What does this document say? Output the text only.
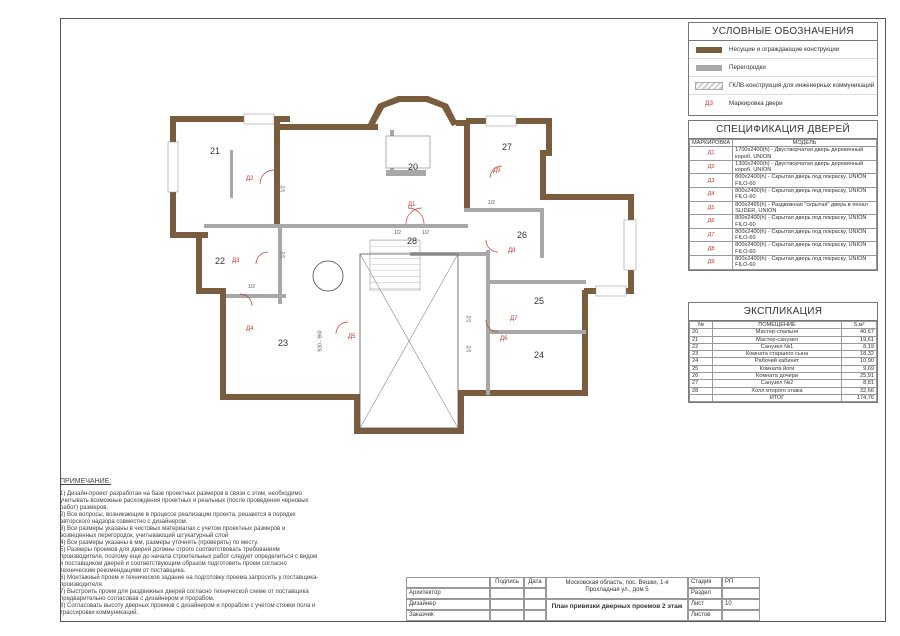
20
21
22
23
24
25
26
27
28
Д1
Д2
Д3
Д4
Д5	Д6
Д7
Д8
Д9
1/2
1/2
1/2
1/2
1/2
1/2
1/2
1/2
930 - 960
УСЛОВНЫЕ ОБОЗНАЧЕНИЯ
Несущие и ограждающие конструкции
Перегородки
ГКЛВ-конструкция для инженерных коммуникаций
Д3	Маркировка двери
СПЕЦИФИКАЦИЯ ДВЕРЕЙ
МАРКИРОВКА	МОДЕЛЬ
Д1	1700x2400(h) - Двустворчатая дверь деревянный короб, UNION
Д2	1300x2400(h) - Двустворчатая дверь деревянный короб, UNION
Д3	800x2400(h) - Скрытая дверь под покраску, UNION FILO-60
Д4	800x2400(h) - Скрытая дверь под покраску, UNION FILO-60
Д5	800x2465(h) - Раздвижная "скрытая" дверь в пенал SLIDER, UNION
Д6	800x2400(h) - Скрытая дверь под покраску, UNION FILO-60
Д7	800x2400(h) - Скрытая дверь под покраску, UNION FILO-60
Д8	800x2400(h) - Скрытая дверь под покраску, UNION FILO-60
Д9	800x2400(h) - Скрытая дверь под покраску, UNION FILO-60
ЭКСПЛИКАЦИЯ
№	ПОМЕЩЕНИЕ	S,м²
20	Мастер-спальня	40,67
21	Мастер-санузел	19,61
22	Санузел №1	8,19
23	Комната старшего сына	18,32
24	Рабочий кабинет	10,90
25	Комната йоги	9,69
26	Комната дочери	25,91
27	Санузел №2	8,81
28	Холл второго этажа	32,66
	ИТОГ	174,76
ПРИМЕЧАНИЕ:
1) Дизайн-проект разработан на базе проектных размеров в связи с этим, необходимо учитывать возможные расхождения проектных и реальных (после проведения черновых работ) размеров.
2) Все вопросы, возникающие в процессе реализации проекта, решаются в порядке авторского надзора совместно с дизайнером.
3) Все размеры указаны в чистовых материалах с учетом проектных размеров и возведенных перегородок, учитывающий штукатурный слой
4) Все размеры указаны в мм, размеры уточнять (проверять) по месту.
5) Размеры проемов для дверей должны строго соответствовать требованиям производителя, поэтому еще до начала строительных работ следует определиться с видом и поставщиком дверей и соответствующим образом подготовить проем согласно техническим рекомендациям от поставщика.
6) Монтажный проем и техническое задание на подготовку проема запросить у поставщика-производителя.
7) Выстроить проем для раздвижных дверей согласно технической схеме от поставщика предварительно согласовав с дизайнером и прорабом.
8) Согласовать высоту дверных проемов с дизайнером и прорабом с учетом стяжки пола и трассировки коммуникаций.
Подпись	Дата
Архитектор
Дизайнер
Заказчик
Московская область, пос. Вешки, 1-я Прохладная ул., дом 5
План привязки дверных проемов 2 этаж
Стадия	РП
Раздел
Лист	10
Листов
